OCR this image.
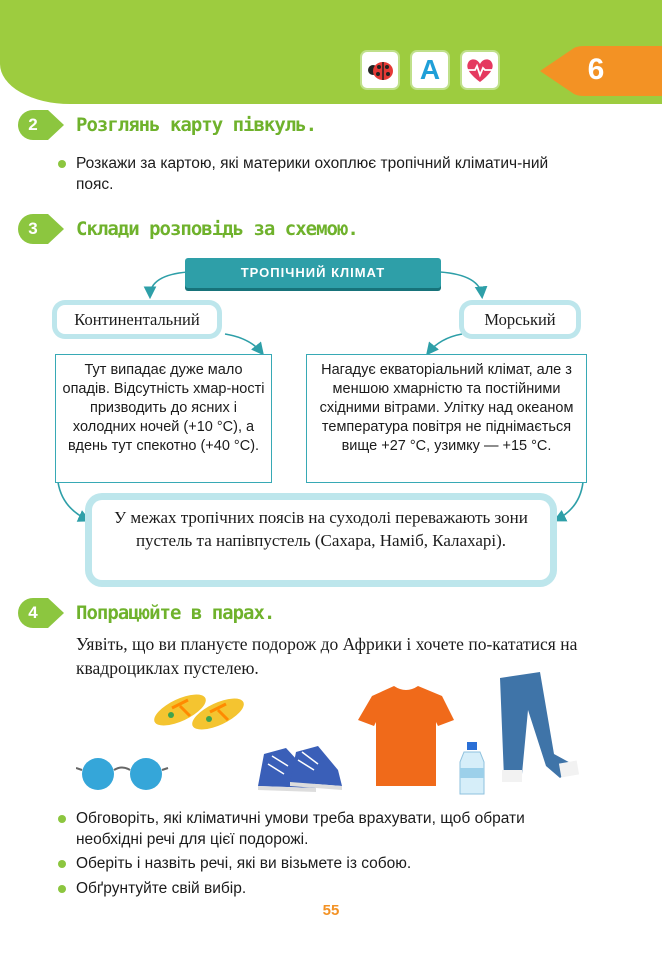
A	6
2	Розглянь карту півкуль.
Розкажи за картою, які материки охоплює тропічний кліматич-ний пояс.
3	Склади розповідь за схемою.
ТРОПІЧНИЙ КЛІМАТ
Континентальний	Морський
Тут випадає дуже мало опадів. Відсутність хмар-ності призводить до ясних і холодних ночей (+10 °C), а вдень тут спекотно (+40 °C).
Нагадує екваторіальний клімат, але з меншою хмарністю та постійними східними вітрами. Улітку над океаном температура повітря не піднімається вище +27 °C, узимку — +15 °C.
У межах тропічних поясів на суходолі переважають зони пустель та напівпустель (Сахара, Наміб, Калахарі).
4	Попрацюйте в парах.
Уявіть, що ви плануєте подорож до Африки і хочете по-кататися на квадроциклах пустелею.
Обговоріть, які кліматичні умови треба врахувати, щоб обрати необхідні речі для цієї подорожі.
Оберіть і назвіть речі, які ви візьмете із собою.
Обґрунтуйте свій вибір.
55
